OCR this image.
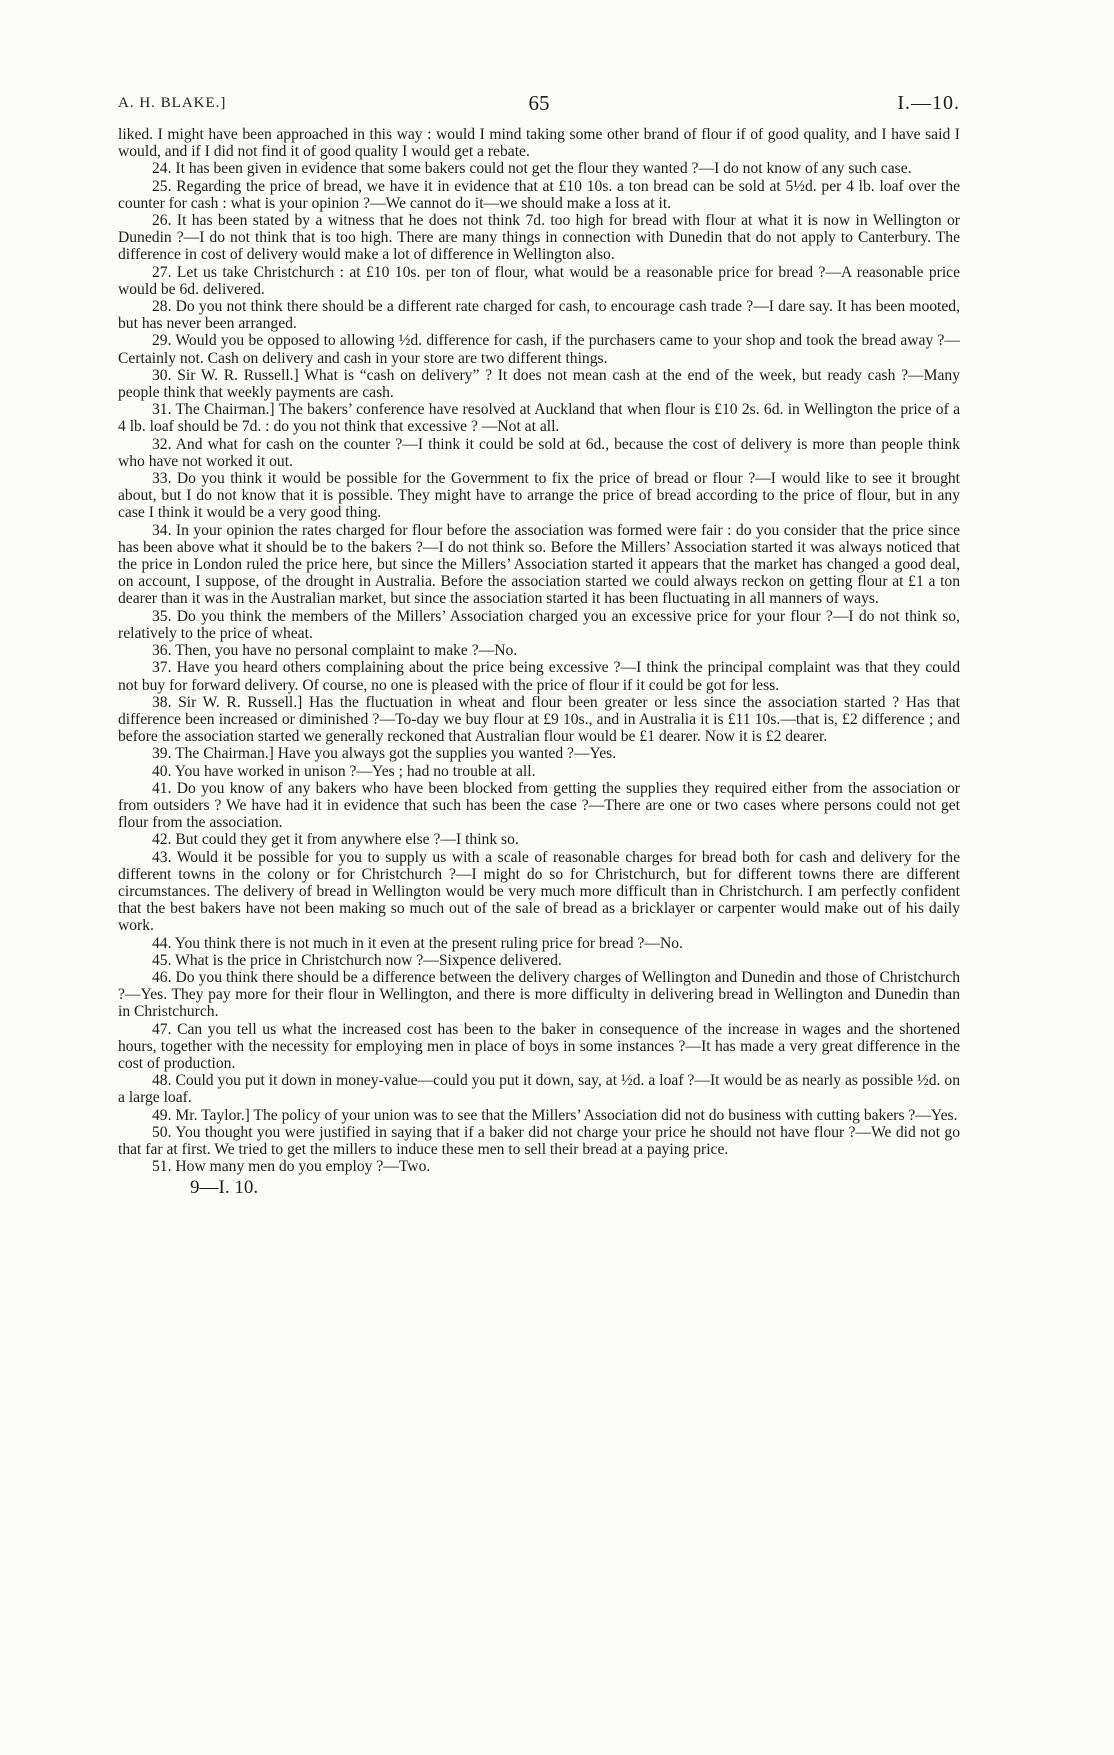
A. H. BLAKE.]	65	I.—10.

liked. I might have been approached in this way : would I mind taking some other brand of flour if of good quality, and I have said I would, and if I did not find it of good quality I would get a rebate.

24. It has been given in evidence that some bakers could not get the flour they wanted ?—I do not know of any such case.

25. Regarding the price of bread, we have it in evidence that at £10 10s. a ton bread can be sold at 5½d. per 4 lb. loaf over the counter for cash : what is your opinion ?—We cannot do it—we should make a loss at it.

26. It has been stated by a witness that he does not think 7d. too high for bread with flour at what it is now in Wellington or Dunedin ?—I do not think that is too high. There are many things in connection with Dunedin that do not apply to Canterbury. The difference in cost of delivery would make a lot of difference in Wellington also.

27. Let us take Christchurch : at £10 10s. per ton of flour, what would be a reasonable price for bread ?—A reasonable price would be 6d. delivered.

28. Do you not think there should be a different rate charged for cash, to encourage cash trade ?—I dare say. It has been mooted, but has never been arranged.

29. Would you be opposed to allowing ½d. difference for cash, if the purchasers came to your shop and took the bread away ?—Certainly not. Cash on delivery and cash in your store are two different things.

30. Sir W. R. Russell.] What is “cash on delivery” ? It does not mean cash at the end of the week, but ready cash ?—Many people think that weekly payments are cash.

31. The Chairman.] The bakers’ conference have resolved at Auckland that when flour is £10 2s. 6d. in Wellington the price of a 4 lb. loaf should be 7d. : do you not think that excessive ? —Not at all.

32. And what for cash on the counter ?—I think it could be sold at 6d., because the cost of delivery is more than people think who have not worked it out.

33. Do you think it would be possible for the Government to fix the price of bread or flour ?—I would like to see it brought about, but I do not know that it is possible. They might have to arrange the price of bread according to the price of flour, but in any case I think it would be a very good thing.

34. In your opinion the rates charged for flour before the association was formed were fair : do you consider that the price since has been above what it should be to the bakers ?—I do not think so. Before the Millers’ Association started it was always noticed that the price in London ruled the price here, but since the Millers’ Association started it appears that the market has changed a good deal, on account, I suppose, of the drought in Australia. Before the association started we could always reckon on getting flour at £1 a ton dearer than it was in the Australian market, but since the association started it has been fluctuating in all manners of ways.

35. Do you think the members of the Millers’ Association charged you an excessive price for your flour ?—I do not think so, relatively to the price of wheat.

36. Then, you have no personal complaint to make ?—No.

37. Have you heard others complaining about the price being excessive ?—I think the principal complaint was that they could not buy for forward delivery. Of course, no one is pleased with the price of flour if it could be got for less.

38. Sir W. R. Russell.] Has the fluctuation in wheat and flour been greater or less since the association started ? Has that difference been increased or diminished ?—To-day we buy flour at £9 10s., and in Australia it is £11 10s.—that is, £2 difference ; and before the association started we generally reckoned that Australian flour would be £1 dearer. Now it is £2 dearer.

39. The Chairman.] Have you always got the supplies you wanted ?—Yes.

40. You have worked in unison ?—Yes ; had no trouble at all.

41. Do you know of any bakers who have been blocked from getting the supplies they required either from the association or from outsiders ? We have had it in evidence that such has been the case ?—There are one or two cases where persons could not get flour from the association.

42. But could they get it from anywhere else ?—I think so.

43. Would it be possible for you to supply us with a scale of reasonable charges for bread both for cash and delivery for the different towns in the colony or for Christchurch ?—I might do so for Christchurch, but for different towns there are different circumstances. The delivery of bread in Wellington would be very much more difficult than in Christchurch. I am perfectly confident that the best bakers have not been making so much out of the sale of bread as a bricklayer or carpenter would make out of his daily work.

44. You think there is not much in it even at the present ruling price for bread ?—No.

45. What is the price in Christchurch now ?—Sixpence delivered.

46. Do you think there should be a difference between the delivery charges of Wellington and Dunedin and those of Christchurch ?—Yes. They pay more for their flour in Wellington, and there is more difficulty in delivering bread in Wellington and Dunedin than in Christchurch.

47. Can you tell us what the increased cost has been to the baker in consequence of the increase in wages and the shortened hours, together with the necessity for employing men in place of boys in some instances ?—It has made a very great difference in the cost of production.

48. Could you put it down in money-value—could you put it down, say, at ½d. a loaf ?—It would be as nearly as possible ½d. on a large loaf.

49. Mr. Taylor.] The policy of your union was to see that the Millers’ Association did not do business with cutting bakers ?—Yes.

50. You thought you were justified in saying that if a baker did not charge your price he should not have flour ?—We did not go that far at first. We tried to get the millers to induce these men to sell their bread at a paying price.

51. How many men do you employ ?—Two.

9—I. 10.
